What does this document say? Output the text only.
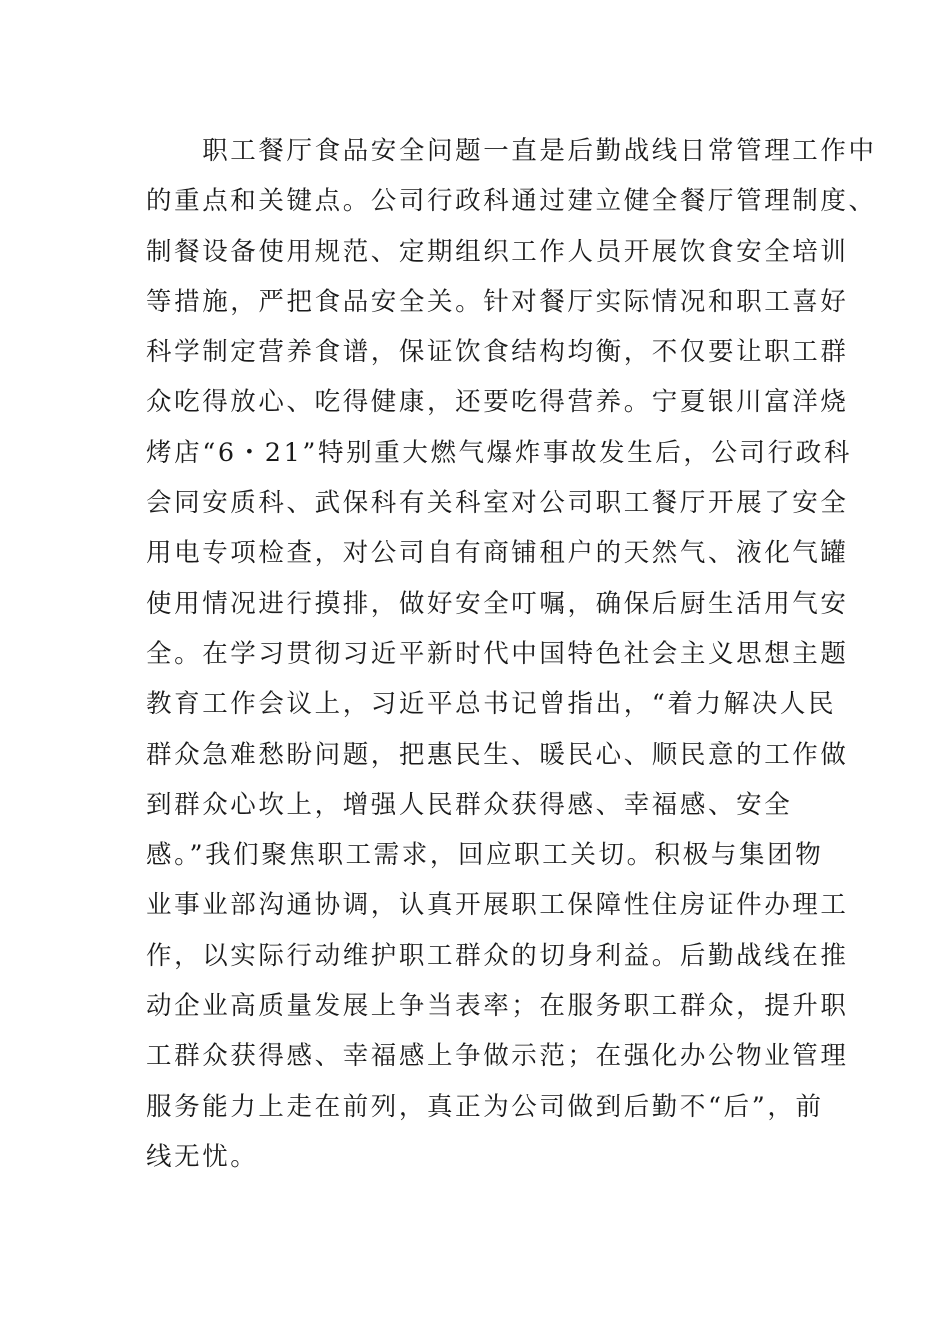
　　职工餐厅食品安全问题一直是后勤战线日常管理工作中
的重点和关键点。公司行政科通过建立健全餐厅管理制度、
制餐设备使用规范、定期组织工作人员开展饮食安全培训
等措施，严把食品安全关。针对餐厅实际情况和职工喜好
科学制定营养食谱，保证饮食结构均衡，不仅要让职工群
众吃得放心、吃得健康，还要吃得营养。宁夏银川富洋烧
烤店“6・21”特别重大燃气爆炸事故发生后，公司行政科
会同安质科、武保科有关科室对公司职工餐厅开展了安全
用电专项检查，对公司自有商铺租户的天然气、液化气罐
使用情况进行摸排，做好安全叮嘱，确保后厨生活用气安
全。在学习贯彻习近平新时代中国特色社会主义思想主题
教育工作会议上，习近平总书记曾指出，“着力解决人民
群众急难愁盼问题，把惠民生、暖民心、顺民意的工作做
到群众心坎上，增强人民群众获得感、幸福感、安全
感。”我们聚焦职工需求，回应职工关切。积极与集团物
业事业部沟通协调，认真开展职工保障性住房证件办理工
作，以实际行动维护职工群众的切身利益。后勤战线在推
动企业高质量发展上争当表率；在服务职工群众，提升职
工群众获得感、幸福感上争做示范；在强化办公物业管理
服务能力上走在前列，真正为公司做到后勤不“后”，前
线无忧。
